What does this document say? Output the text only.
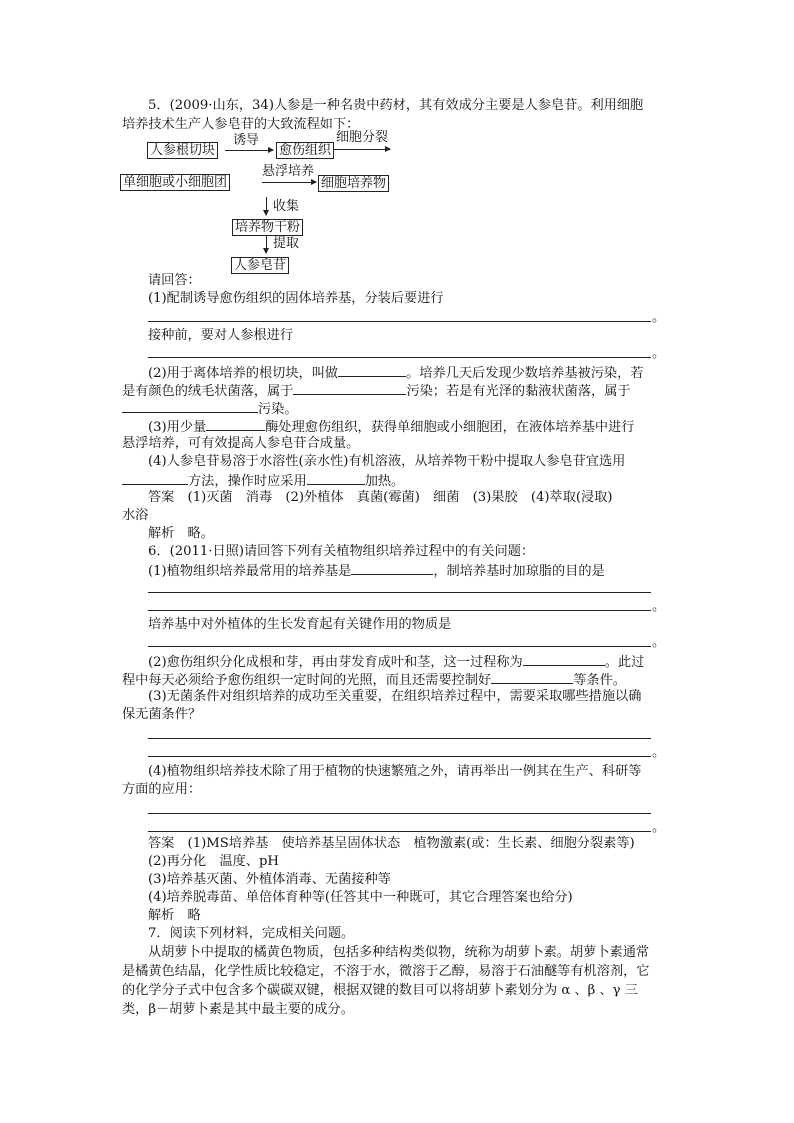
5．(2009·山东，34)人参是一种名贵中药材，其有效成分主要是人参皂苷。利用细胞
培养技术生产人参皂苷的大致流程如下：
人参根切块
诱导
愈伤组织
细胞分裂
单细胞或小细胞团
悬浮培养
细胞培养物
收集
培养物干粉
提取
人参皂苷
请回答：
(1)配制诱导愈伤组织的固体培养基，分装后要进行
。
接种前，要对人参根进行
。
(2)用于离体培养的根切块，叫做	。培养几天后发现少数培养基被污染，若
是有颜色的绒毛状菌落，属于	污染；若是有光泽的黏液状菌落，属于
污染。
(3)用少量	酶处理愈伤组织，获得单细胞或小细胞团，在液体培养基中进行
悬浮培养，可有效提高人参皂苷合成量。
(4)人参皂苷易溶于水溶性(亲水性)有机溶液，从培养物干粉中提取人参皂苷宜选用
方法，操作时应采用	加热。
答案　(1)灭菌　消毒　(2)外植体　真菌(霉菌)　细菌　(3)果胶　(4)萃取(浸取)
水浴
解析　略。
6．(2011·日照)请回答下列有关植物组织培养过程中的有关问题：
(1)植物组织培养最常用的培养基是	，制培养基时加琼脂的目的是
。
培养基中对外植体的生长发育起有关键作用的物质是
。
(2)愈伤组织分化成根和芽，再由芽发育成叶和茎，这一过程称为	。此过
程中每天必须给予愈伤组织一定时间的光照，而且还需要控制好	等条件。
(3)无菌条件对组织培养的成功至关重要，在组织培养过程中，需要采取哪些措施以确
保无菌条件？
。
(4)植物组织培养技术除了用于植物的快速繁殖之外，请再举出一例其在生产、科研等
方面的应用：
。
答案　(1)MS培养基　使培养基呈固体状态　植物激素(或：生长素、细胞分裂素等)
(2)再分化　温度、pH
(3)培养基灭菌、外植体消毒、无菌接种等
(4)培养脱毒苗、单倍体育种等(任答其中一种既可，其它合理答案也给分)
解析　略
7．阅读下列材料，完成相关问题。
从胡萝卜中提取的橘黄色物质，包括多种结构类似物，统称为胡萝卜素。胡萝卜素通常
是橘黄色结晶，化学性质比较稳定，不溶于水，微溶于乙醇，易溶于石油醚等有机溶剂，它
的化学分子式中包含多个碳碳双键，根据双键的数目可以将胡萝卜素划分为 α 、β 、γ 三
类，β－胡萝卜素是其中最主要的成分。
